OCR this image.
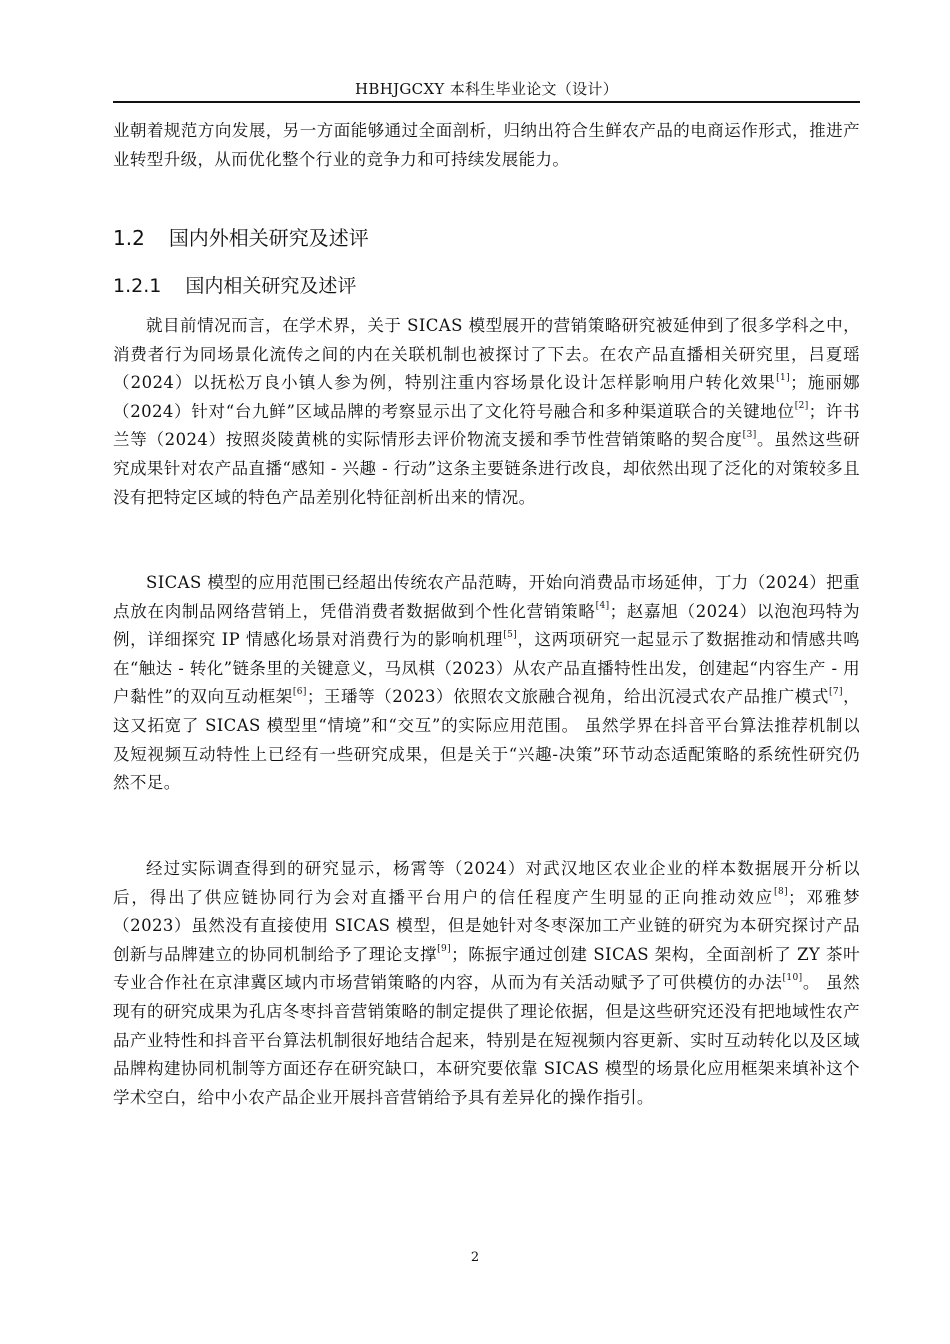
HBHJGCXY 本科生毕业论文（设计）
业朝着规范方向发展，另一方面能够通过全面剖析，归纳出符合生鲜农产品的电商运作形式，推进产业转型升级，从而优化整个行业的竞争力和可持续发展能力。
1.2 国内外相关研究及述评
1.2.1 国内相关研究及述评
就目前情况而言，在学术界，关于 SICAS 模型展开的营销策略研究被延伸到了很多学科之中，消费者行为同场景化流传之间的内在关联机制也被探讨了下去。在农产品直播相关研究里，吕夏瑶（2024）以抚松万良小镇人参为例，特别注重内容场景化设计怎样影响用户转化效果[1]；施丽娜（2024）针对“台九鲜”区域品牌的考察显示出了文化符号融合和多种渠道联合的关键地位[2]；许书兰等（2024）按照炎陵黄桃的实际情形去评价物流支援和季节性营销策略的契合度[3]。虽然这些研究成果针对农产品直播“感知 - 兴趣 - 行动”这条主要链条进行改良，却依然出现了泛化的对策较多且没有把特定区域的特色产品差别化特征剖析出来的情况。
SICAS 模型的应用范围已经超出传统农产品范畴，开始向消费品市场延伸，丁力（2024）把重点放在肉制品网络营销上，凭借消费者数据做到个性化营销策略[4]；赵嘉旭（2024）以泡泡玛特为例，详细探究 IP 情感化场景对消费行为的影响机理[5]，这两项研究一起显示了数据推动和情感共鸣在“触达 - 转化”链条里的关键意义，马凤棋（2023）从农产品直播特性出发，创建起“内容生产 - 用户黏性”的双向互动框架[6]；王璠等（2023）依照农文旅融合视角，给出沉浸式农产品推广模式[7]，这又拓宽了 SICAS 模型里“情境”和“交互”的实际应用范围。 虽然学界在抖音平台算法推荐机制以及短视频互动特性上已经有一些研究成果，但是关于“兴趣-决策”环节动态适配策略的系统性研究仍然不足。
经过实际调查得到的研究显示，杨霄等（2024）对武汉地区农业企业的样本数据展开分析以后，得出了供应链协同行为会对直播平台用户的信任程度产生明显的正向推动效应[8]；邓雅梦（2023）虽然没有直接使用 SICAS 模型，但是她针对冬枣深加工产业链的研究为本研究探讨产品创新与品牌建立的协同机制给予了理论支撑[9]；陈振宇通过创建 SICAS 架构，全面剖析了 ZY 茶叶专业合作社在京津冀区域内市场营销策略的内容，从而为有关活动赋予了可供模仿的办法[10]。 虽然现有的研究成果为孔店冬枣抖音营销策略的制定提供了理论依据，但是这些研究还没有把地域性农产品产业特性和抖音平台算法机制很好地结合起来，特别是在短视频内容更新、实时互动转化以及区域品牌构建协同机制等方面还存在研究缺口，本研究要依靠 SICAS 模型的场景化应用框架来填补这个学术空白，给中小农产品企业开展抖音营销给予具有差异化的操作指引。
2
